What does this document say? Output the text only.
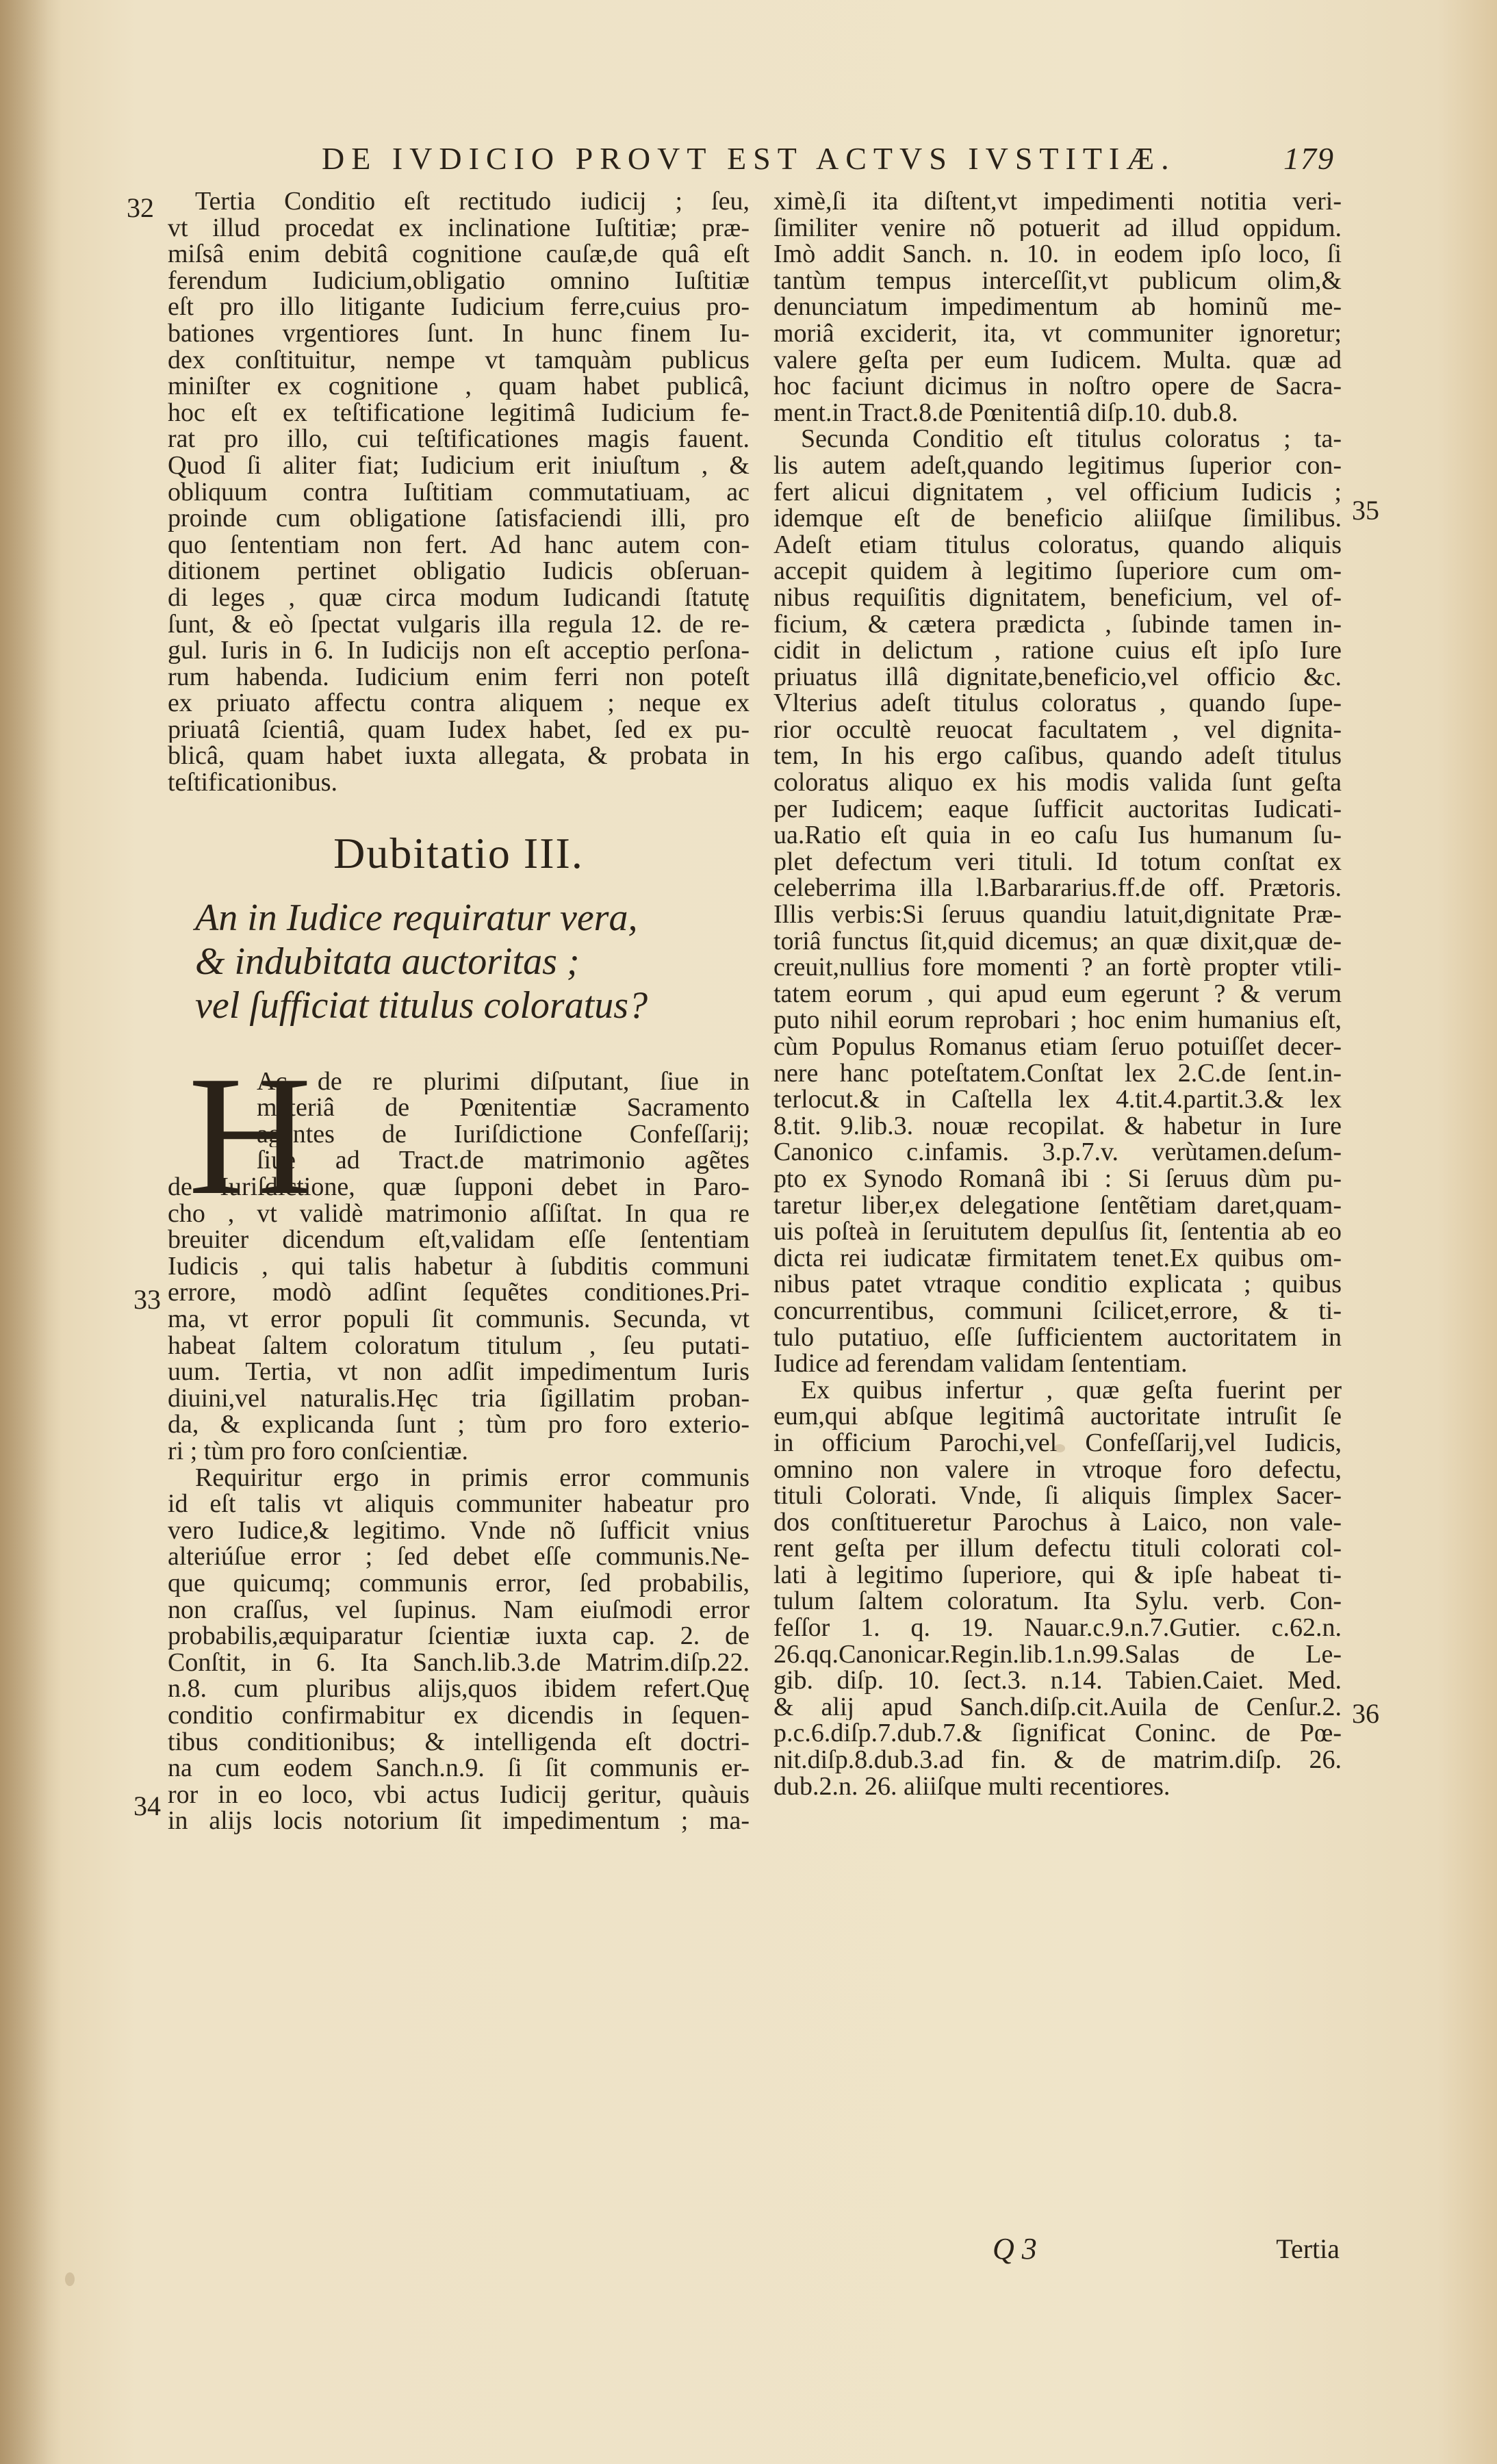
DE IVDICIO PROVT EST ACTVS IVSTITIÆ.	179
Tertia Conditio eſt rectitudo iudicij ; ſeu,
vt illud procedat ex inclinatione Iuſtitiæ; præ-
miſsâ enim debitâ cognitione cauſæ,de quâ eſt
ferendum Iudicium,obligatio omnino Iuſtitiæ
eſt pro illo litigante Iudicium ferre,cuius pro-
bationes vrgentiores ſunt. In hunc finem Iu-
dex conſtituitur, nempe vt tamquàm publicus
miniſter ex cognitione , quam habet publicâ,
hoc eſt ex teſtificatione legitimâ Iudicium fe-
rat pro illo, cui teſtificationes magis fauent.
Quod ſi aliter fiat; Iudicium erit iniuſtum , &
obliquum contra Iuſtitiam commutatiuam, ac
proinde cum obligatione ſatisfaciendi illi, pro
quo ſententiam non fert. Ad hanc autem con-
ditionem pertinet obligatio Iudicis obſeruan-
di leges , quæ circa modum Iudicandi ſtatutę
ſunt, & eò ſpectat vulgaris illa regula 12. de re-
gul. Iuris in 6. In Iudicijs non eſt acceptio perſona-
rum habenda. Iudicium enim ferri non poteſt
ex priuato affectu contra aliquem ; neque ex
priuatâ ſcientiâ, quam Iudex habet, ſed ex pu-
blicâ, quam habet iuxta allegata, & probata in
teſtificationibus.
Dubitatio III.
An in Iudice requiratur vera,
& indubitata auctoritas ;
vel ſufficiat titulus coloratus?
H
Ac de re plurimi diſputant, ſiue in
materiâ de Pœnitentiæ Sacramento
agentes de Iuriſdictione Confeſſarij;
ſiue ad Tract.de matrimonio agẽtes
de Iuriſdictione, quæ ſupponi debet in Paro-
cho , vt validè matrimonio aſſiſtat. In qua re
breuiter dicendum eſt,validam eſſe ſententiam
Iudicis , qui talis habetur à ſubditis communi
errore, modò adſint ſequẽtes conditiones.Pri-
ma, vt error populi ſit communis. Secunda, vt
habeat ſaltem coloratum titulum , ſeu putati-
uum. Tertia, vt non adſit impedimentum Iuris
diuini,vel naturalis.Hęc tria ſigillatim proban-
da, & explicanda ſunt ; tùm pro foro exterio-
ri ; tùm pro foro conſcientiæ.
Requiritur ergo in primis error communis
id eſt talis vt aliquis communiter habeatur pro
vero Iudice,& legitimo. Vnde nõ ſufficit vnius
alteriúſue error ; ſed debet eſſe communis.Ne-
que quicumq; communis error, ſed probabilis,
non craſſus, vel ſupinus. Nam eiuſmodi error
probabilis,æquiparatur ſcientiæ iuxta cap. 2. de
Conſtit, in 6. Ita Sanch.lib.3.de Matrim.diſp.22.
n.8. cum pluribus alijs,quos ibidem refert.Quę
conditio confirmabitur ex dicendis in ſequen-
tibus conditionibus; & intelligenda eſt doctri-
na cum eodem Sanch.n.9. ſi ſit communis er-
ror in eo loco, vbi actus Iudicij geritur, quàuis
in alijs locis notorium ſit impedimentum ; ma-
ximè,ſi ita diſtent,vt impedimenti notitia veri-
ſimiliter venire nõ potuerit ad illud oppidum.
Imò addit Sanch. n. 10. in eodem ipſo loco, ſi
tantùm tempus interceſſit,vt publicum olim,&
denunciatum impedimentum ab hominũ me-
moriâ exciderit, ita, vt communiter ignoretur;
valere geſta per eum Iudicem. Multa. quæ ad
hoc faciunt dicimus in noſtro opere de Sacra-
ment.in Tract.8.de Pœnitentiâ diſp.10. dub.8.
Secunda Conditio eſt titulus coloratus ; ta-
lis autem adeſt,quando legitimus ſuperior con-
fert alicui dignitatem , vel officium Iudicis ;
idemque eſt de beneficio aliiſque ſimilibus.
Adeſt etiam titulus coloratus, quando aliquis
accepit quidem à legitimo ſuperiore cum om-
nibus requiſitis dignitatem, beneficium, vel of-
ficium, & cætera prædicta , ſubinde tamen in-
cidit in delictum , ratione cuius eſt ipſo Iure
priuatus illâ dignitate,beneficio,vel officio &c.
Vlterius adeſt titulus coloratus , quando ſupe-
rior occultè reuocat facultatem , vel dignita-
tem, In his ergo caſibus, quando adeſt titulus
coloratus aliquo ex his modis valida ſunt geſta
per Iudicem; eaque ſufficit auctoritas Iudicati-
ua.Ratio eſt quia in eo caſu Ius humanum ſu-
plet defectum veri tituli. Id totum conſtat ex
celeberrima illa l.Barbararius.ff.de off. Prætoris.
Illis verbis:Si ſeruus quandiu latuit,dignitate Præ-
toriâ functus ſit,quid dicemus; an quæ dixit,quæ de-
creuit,nullius fore momenti ? an fortè propter vtili-
tatem eorum , qui apud eum egerunt ? & verum
puto nihil eorum reprobari ; hoc enim humanius eſt,
cùm Populus Romanus etiam ſeruo potuiſſet decer-
nere hanc poteſtatem.Conſtat lex 2.C.de ſent.in-
terlocut.& in Caſtella lex 4.tit.4.partit.3.& lex
8.tit. 9.lib.3. nouæ recopilat. & habetur in Iure
Canonico c.infamis. 3.p.7.v. verùtamen.deſum-
pto ex Synodo Romanâ ibi : Si ſeruus dùm pu-
taretur liber,ex delegatione ſentẽtiam daret,quam-
uis poſteà in ſeruitutem depulſus ſit, ſententia ab eo
dicta rei iudicatæ firmitatem tenet.Ex quibus om-
nibus patet vtraque conditio explicata ; quibus
concurrentibus, communi ſcilicet,errore, & ti-
tulo putatiuo, eſſe ſufficientem auctoritatem in
Iudice ad ferendam validam ſententiam.
Ex quibus infertur , quæ geſta fuerint per
eum,qui abſque legitimâ auctoritate intruſit ſe
in officium Parochi,vel Confeſſarij,vel Iudicis,
omnino non valere in vtroque foro defectu,
tituli Colorati. Vnde, ſi aliquis ſimplex Sacer-
dos conſtitueretur Parochus à Laico, non vale-
rent geſta per illum defectu tituli colorati col-
lati à legitimo ſuperiore, qui & ipſe habeat ti-
tulum ſaltem coloratum. Ita Sylu. verb. Con-
feſſor 1. q. 19. Nauar.c.9.n.7.Gutier. c.62.n.
26.qq.Canonicar.Regin.lib.1.n.99.Salas de Le-
gib. diſp. 10. ſect.3. n.14. Tabien.Caiet. Med.
& alij apud Sanch.diſp.cit.Auila de Cenſur.2.
p.c.6.diſp.7.dub.7.& ſignificat Coninc. de Pœ-
nit.diſp.8.dub.3.ad fin. & de matrim.diſp. 26.
dub.2.n. 26. aliiſque multi recentiores.
32
33
34
35
36
Q 3	Tertia
